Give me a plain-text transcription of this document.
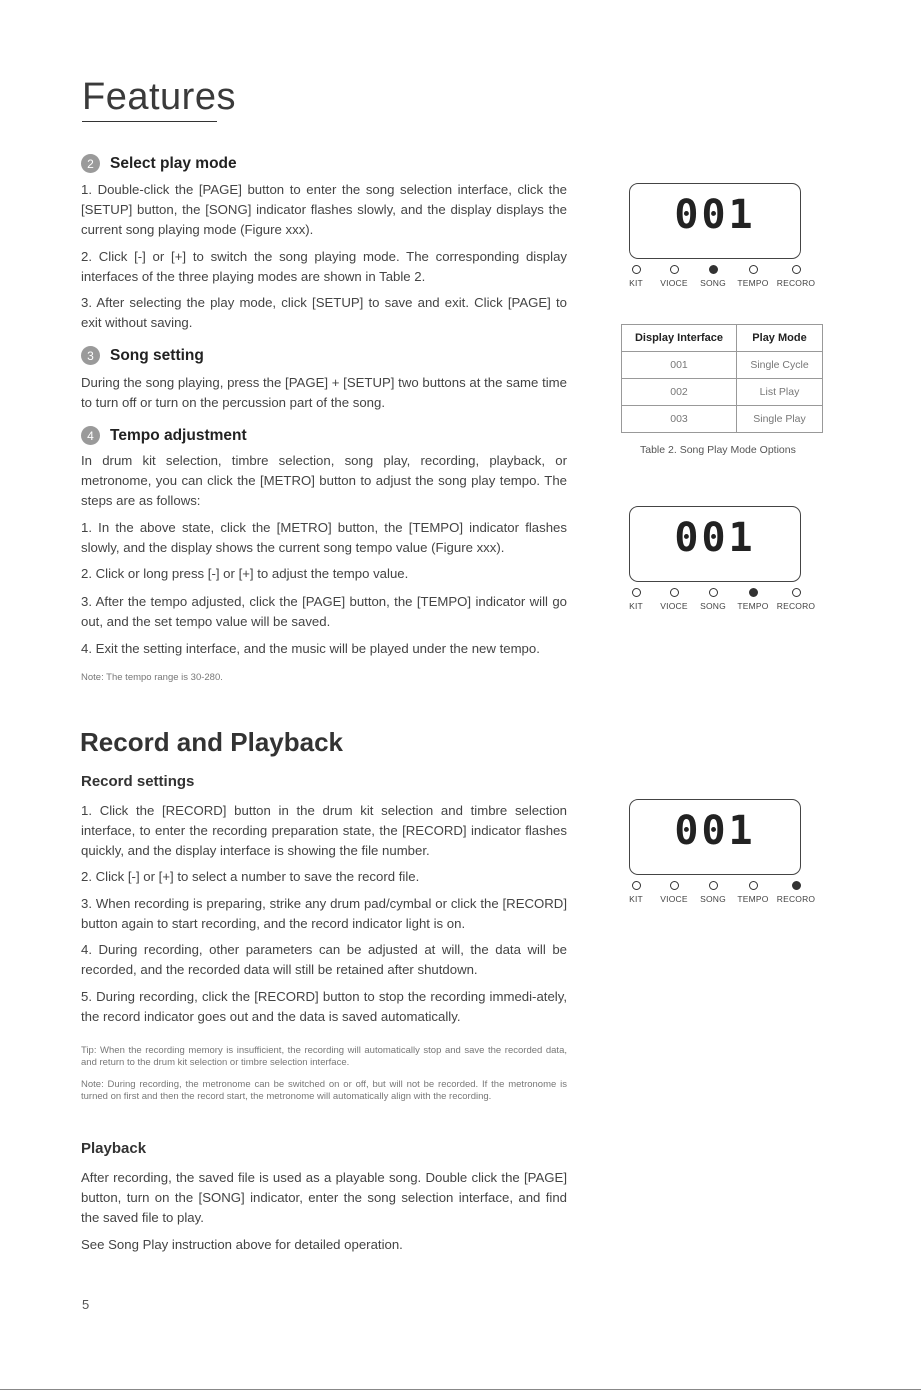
Features
2	Select play mode

1. Double-click the [PAGE] button to enter the song selection interface, click the [SETUP] button, the [SONG] indicator flashes slowly, and the display displays the current song playing mode (Figure xxx).

2. Click [-] or [+] to switch the song playing mode. The corresponding display interfaces of the three playing modes are shown in Table 2.

3. After selecting the play mode, click [SETUP] to save and exit. Click [PAGE] to exit without saving.

3	Song setting

During the song playing, press the [PAGE] + [SETUP] two buttons at the same time to turn off or turn on the percussion part of the song.

4	Tempo adjustment

In drum kit selection, timbre selection, song play, recording, playback, or metronome, you can click the [METRO] button to adjust the song play tempo. The steps are as follows:

1. In the above state, click the [METRO] button, the [TEMPO] indicator flashes slowly, and the display shows the current song tempo value (Figure xxx).

2. Click or long press [-] or [+] to adjust the tempo value.

3. After the tempo adjusted, click the [PAGE] button, the [TEMPO] indicator will go out, and the set tempo value will be saved.

4. Exit the setting interface, and the music will be played under the new tempo.

Note: The tempo range is 30-280.

Record and Playback
Record settings

1. Click the [RECORD] button in the drum kit selection and timbre selection interface, to enter the recording preparation state, the [RECORD] indicator flashes quickly, and the display interface is showing the file number.

2. Click [-] or [+] to select a number to save the record file.

3. When recording is preparing, strike any drum pad/cymbal or click the [RECORD] button again to start recording, and the record indicator light is on.

4. During recording, other parameters can be adjusted at will, the data will be recorded, and the recorded data will still be retained after shutdown.

5. During recording, click the [RECORD] button to stop the recording immedi-ately, the record indicator goes out and the data is saved automatically.

Tip: When the recording memory is insufficient, the recording will automatically stop and save the recorded data, and return to the drum kit selection or timbre selection interface.

Note: During recording, the metronome can be switched on or off, but will not be recorded. If the metronome is turned on first and then the record start, the metronome will automatically align with the recording.

Playback

After recording, the saved file is used as a playable song. Double click the [PAGE] button, turn on the [SONG] indicator, enter the song selection interface, and find the saved file to play.

See Song Play instruction above for detailed operation.

001
KIT	VIOCE	SONG	TEMPO RECORO
Display Interface	Play Mode
001	Single Cycle
002	List Play
003	Single Play
Table 2. Song Play Mode Options
001
KIT	VIOCE	SONG	TEMPO RECORO
001
KIT	VIOCE	SONG	TEMPO RECORO
5
